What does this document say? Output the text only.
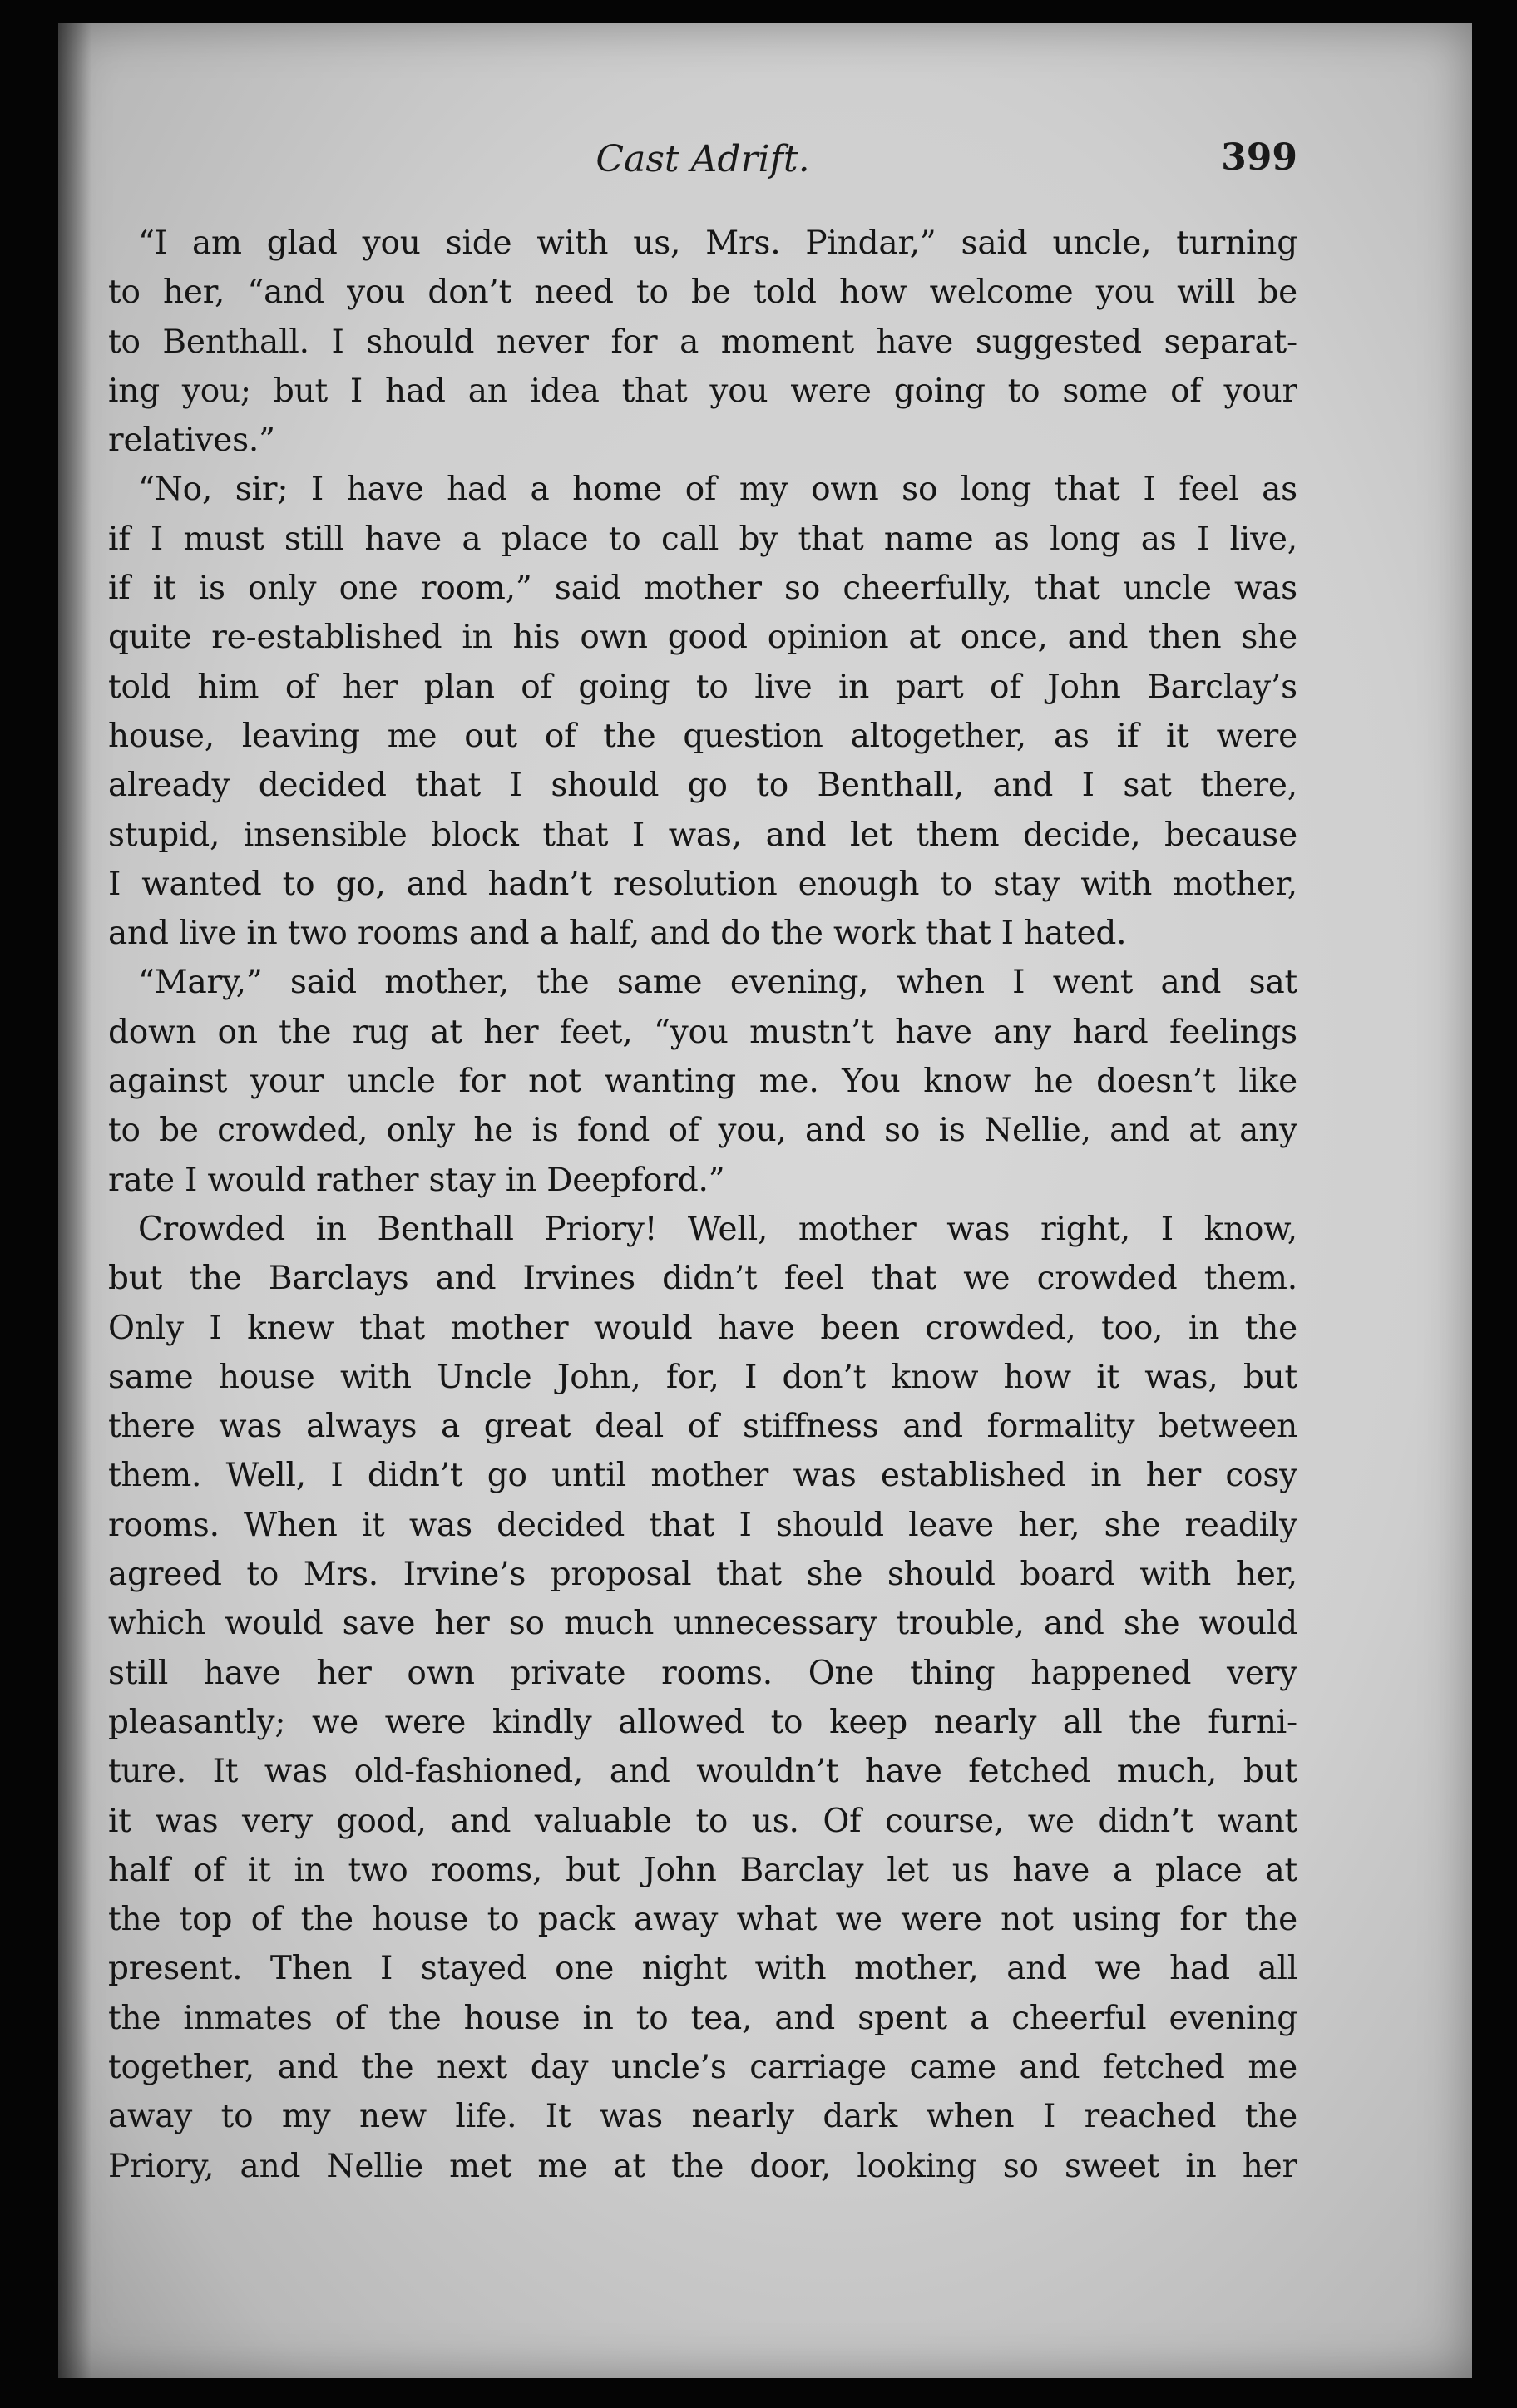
Cast Adrift.	399
“I am glad you side with us, Mrs. Pindar,” said uncle, turning
to her, “and you don’t need to be told how welcome you will be
to Benthall. I should never for a moment have suggested separat-
ing you; but I had an idea that you were going to some of your
relatives.”
“No, sir; I have had a home of my own so long that I feel as
if I must still have a place to call by that name as long as I live,
if it is only one room,” said mother so cheerfully, that uncle was
quite re-established in his own good opinion at once, and then she
told him of her plan of going to live in part of John Barclay’s
house, leaving me out of the question altogether, as if it were
already decided that I should go to Benthall, and I sat there,
stupid, insensible block that I was, and let them decide, because
I wanted to go, and hadn’t resolution enough to stay with mother,
and live in two rooms and a half, and do the work that I hated.
“Mary,” said mother, the same evening, when I went and sat
down on the rug at her feet, “you mustn’t have any hard feelings
against your uncle for not wanting me. You know he doesn’t like
to be crowded, only he is fond of you, and so is Nellie, and at any
rate I would rather stay in Deepford.”
Crowded in Benthall Priory! Well, mother was right, I know,
but the Barclays and Irvines didn’t feel that we crowded them.
Only I knew that mother would have been crowded, too, in the
same house with Uncle John, for, I don’t know how it was, but
there was always a great deal of stiffness and formality between
them. Well, I didn’t go until mother was established in her cosy
rooms. When it was decided that I should leave her, she readily
agreed to Mrs. Irvine’s proposal that she should board with her,
which would save her so much unnecessary trouble, and she would
still have her own private rooms. One thing happened very
pleasantly; we were kindly allowed to keep nearly all the furni-
ture. It was old-fashioned, and wouldn’t have fetched much, but
it was very good, and valuable to us. Of course, we didn’t want
half of it in two rooms, but John Barclay let us have a place at
the top of the house to pack away what we were not using for the
present. Then I stayed one night with mother, and we had all
the inmates of the house in to tea, and spent a cheerful evening
together, and the next day uncle’s carriage came and fetched me
away to my new life. It was nearly dark when I reached the
Priory, and Nellie met me at the door, looking so sweet in her
